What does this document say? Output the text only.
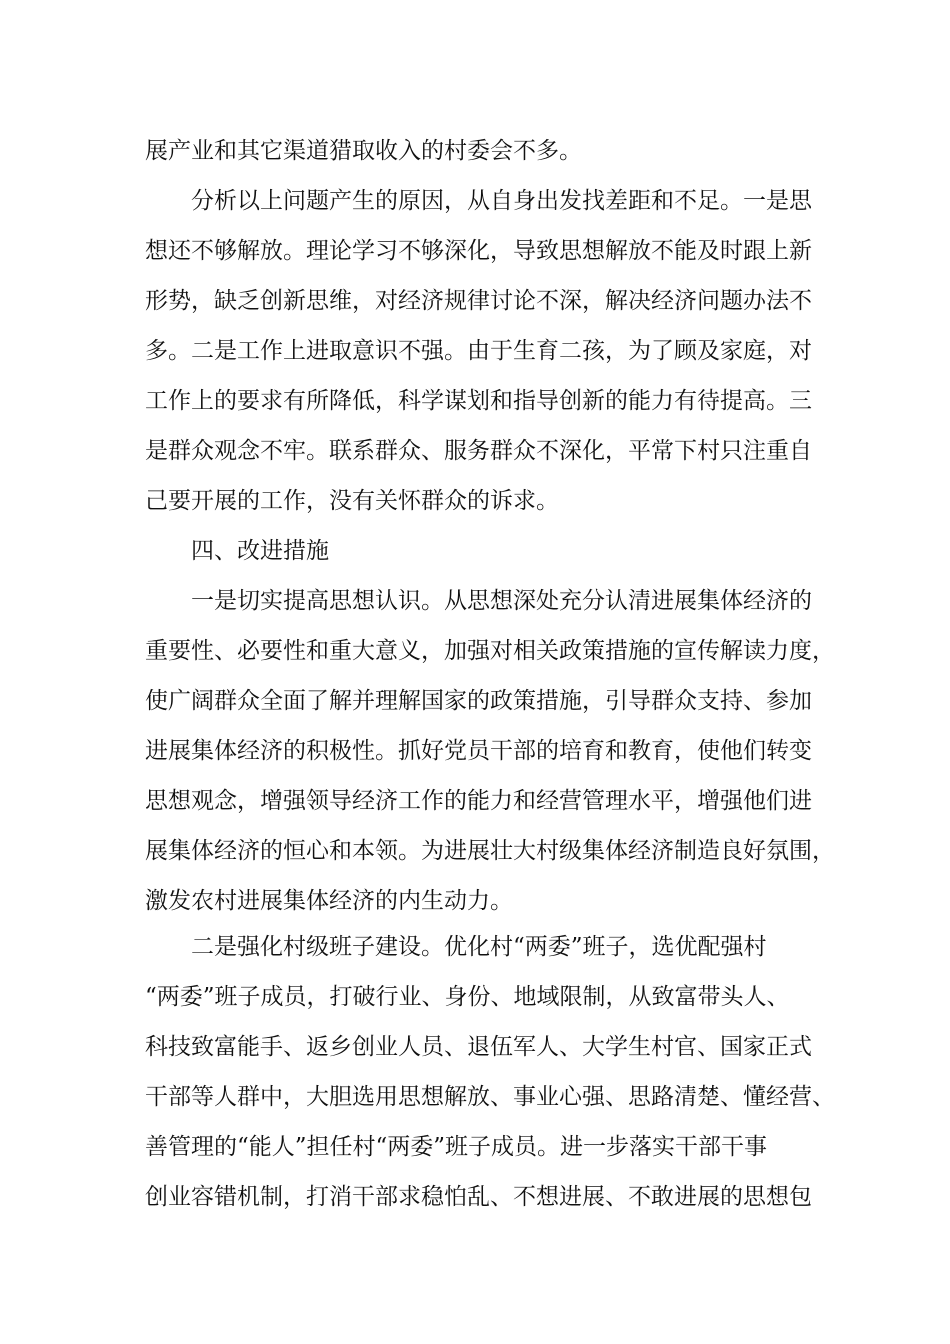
展产业和其它渠道猎取收入的村委会不多。
分析以上问题产生的原因，从自身出发找差距和不足。一是思
想还不够解放。理论学习不够深化，导致思想解放不能及时跟上新
形势，缺乏创新思维，对经济规律讨论不深，解决经济问题办法不
多。二是工作上进取意识不强。由于生育二孩，为了顾及家庭，对
工作上的要求有所降低，科学谋划和指导创新的能力有待提高。三
是群众观念不牢。联系群众、服务群众不深化，平常下村只注重自
己要开展的工作，没有关怀群众的诉求。
四、改进措施
一是切实提高思想认识。从思想深处充分认清进展集体经济的
重要性、必要性和重大意义，加强对相关政策措施的宣传解读力度，
使广阔群众全面了解并理解国家的政策措施，引导群众支持、参加
进展集体经济的积极性。抓好党员干部的培育和教育，使他们转变
思想观念，增强领导经济工作的能力和经营管理水平，增强他们进
展集体经济的恒心和本领。为进展壮大村级集体经济制造良好氛围，
激发农村进展集体经济的内生动力。
二是强化村级班子建设。优化村“两委”班子，选优配强村
“两委”班子成员，打破行业、身份、地域限制，从致富带头人、
科技致富能手、返乡创业人员、退伍军人、大学生村官、国家正式
干部等人群中，大胆选用思想解放、事业心强、思路清楚、懂经营、
善管理的“能人”担任村“两委”班子成员。进一步落实干部干事
创业容错机制，打消干部求稳怕乱、不想进展、不敢进展的思想包
